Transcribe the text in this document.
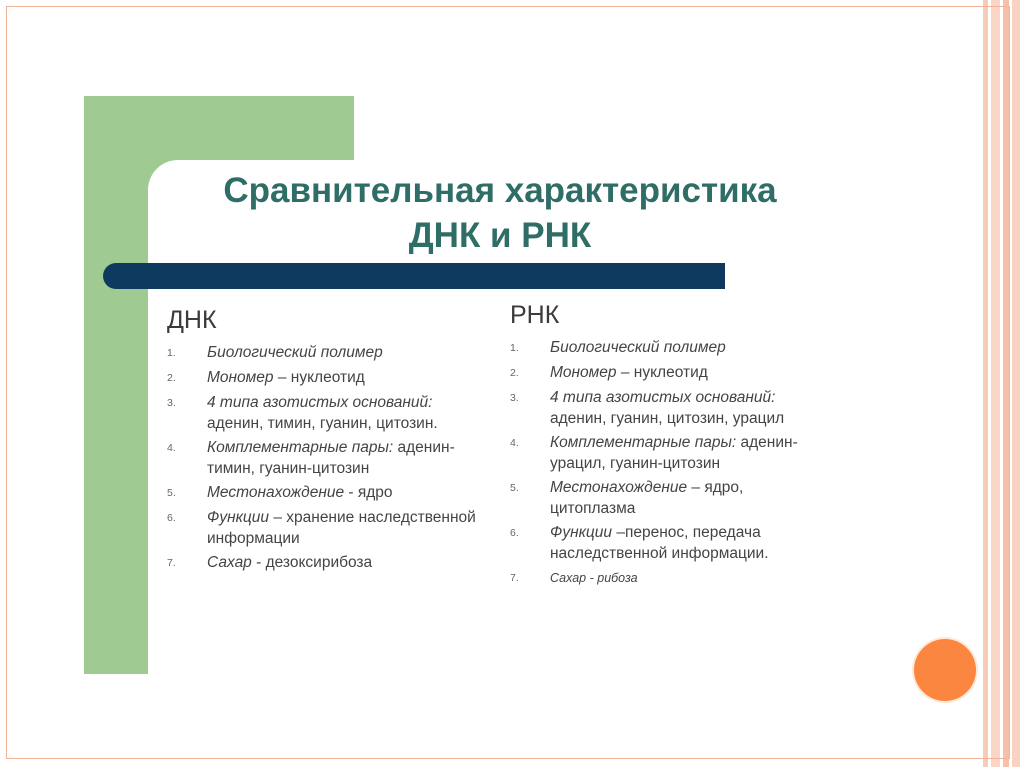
Сравнительная характеристика
ДНК и РНК
ДНК
1.	Биологический полимер
2.	Мономер – нуклеотид
3.	4 типа азотистых оснований: аденин, тимин, гуанин, цитозин.
4.	Комплементарные пары: аденин-тимин, гуанин-цитозин
5.	Местонахождение - ядро
6.	Функции – хранение наследственной информации
7.	Сахар - дезоксирибоза
РНК
1.	Биологический полимер
2.	Мономер – нуклеотид
3.	4 типа азотистых оснований: аденин, гуанин, цитозин, урацил
4.	Комплементарные пары: аденин-урацил, гуанин-цитозин
5.	Местонахождение – ядро, цитоплазма
6.	Функции –перенос, передача наследственной информации.
7.	Сахар - рибоза
